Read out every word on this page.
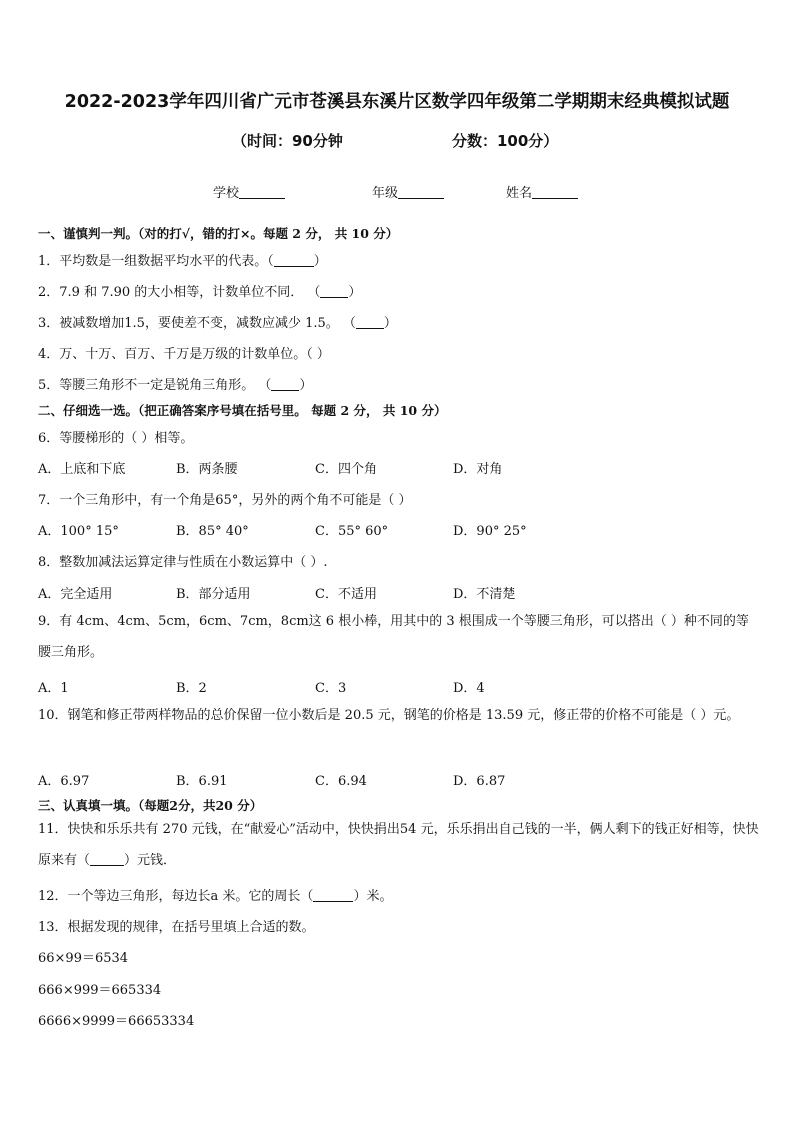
2022-2023学年四川省广元市苍溪县东溪片区数学四年级第二学期期末经典模拟试题
（时间：90分钟	分数：100分）
学校	年级	姓名
一、谨慎判一判。（对的打√，错的打×。每题 2 分， 共 10 分）
1．平均数是一组数据平均水平的代表。（	）
2．7.9 和 7.90 的大小相等，计数单位不同． （ ）
3．被减数增加1.5，要使差不变，减数应减少 1.5。 （ ）
4．万、十万、百万、千万是万级的计数单位。（ ）
5．等腰三角形不一定是锐角三角形。 （ ）
二、仔细选一选。（把正确答案序号填在括号里。 每题 2 分， 共 10 分）
6．等腰梯形的（ ）相等。
A．上底和下底	B．两条腰	C．四个角	D．对角
7．一个三角形中，有一个角是65°，另外的两个角不可能是（ ）
A．100° 15°	B．85° 40°	C．55° 60°	D．90° 25°
8．整数加减法运算定律与性质在小数运算中（ ）.
A．完全适用	B．部分适用	C．不适用	D．不清楚
9．有 4cm、4cm、5cm，6cm、7cm，8cm这 6 根小棒，用其中的 3 根围成一个等腰三角形，可以搭出（ ）种不同的等腰三角形。
A．1	B．2	C．3	D．4
10．钢笔和修正带两样物品的总价保留一位小数后是 20.5 元，钢笔的价格是 13.59 元，修正带的价格不可能是（ ）元。
A．6.97	B．6.91	C．6.94	D．6.87
三、认真填一填。（每题2分，共20 分）
11．快快和乐乐共有 270 元钱，在“献爱心”活动中，快快捐出54 元，乐乐捐出自己钱的一半，俩人剩下的钱正好相等，快快原来有（	）元钱．
12．一个等边三角形，每边长a 米。它的周长（	）米。
13．根据发现的规律，在括号里填上合适的数。
66×99＝6534
666×999＝665334
6666×9999＝66653334
